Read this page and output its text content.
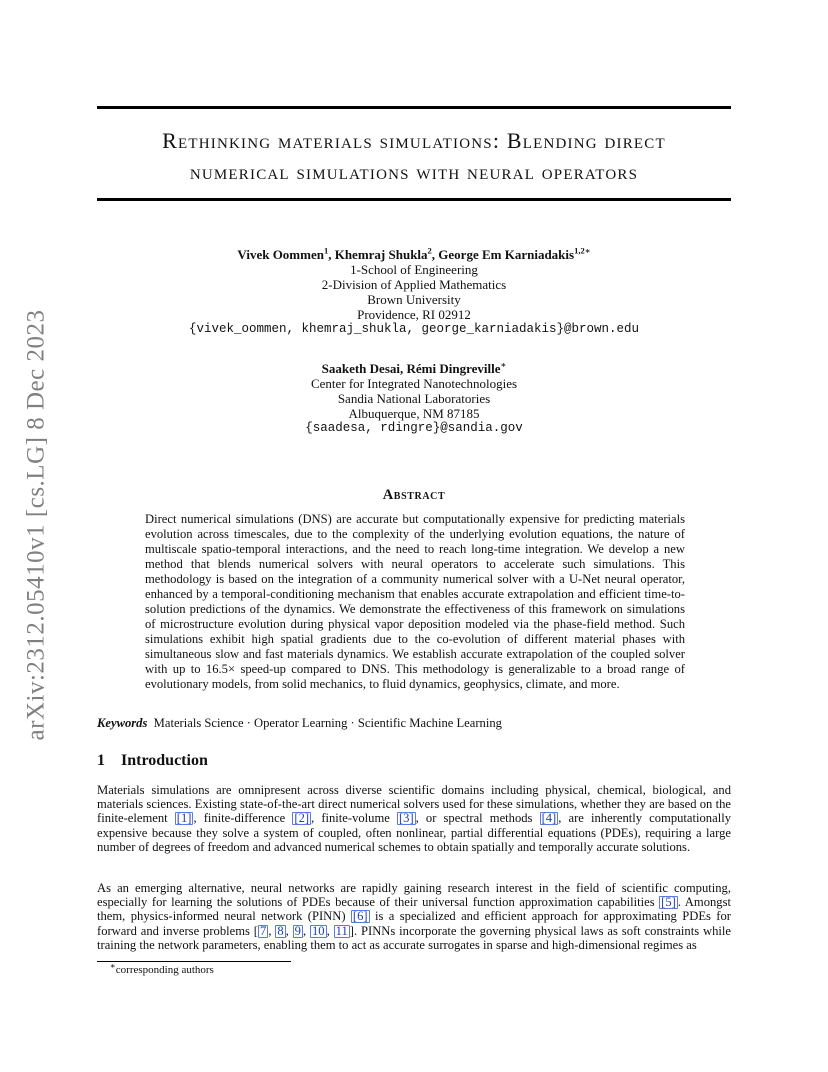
arXiv:2312.05410v1 [cs.LG] 8 Dec 2023
Rethinking materials simulations: Blending direct
numerical simulations with neural operators
Vivek Oommen$^1$, Khemraj Shukla$^2$, George Em Karniadakis$^{1,2∗}$
1-School of Engineering
2-Division of Applied Mathematics
Brown University
Providence, RI 02912
{vivek_oommen, khemraj_shukla, george_karniadakis}@brown.edu
Saaketh Desai, Rémi Dingreville∗
Center for Integrated Nanotechnologies
Sandia National Laboratories
Albuquerque, NM 87185
{saadesa, rdingre}@sandia.gov
Abstract
Direct numerical simulations (DNS) are accurate but computationally expensive for predicting materials evolution across timescales, due to the complexity of the underlying evolution equations, the nature of multiscale spatio-temporal interactions, and the need to reach long-time integration. We develop a new method that blends numerical solvers with neural operators to accelerate such simulations. This methodology is based on the integration of a community numerical solver with a U-Net neural operator, enhanced by a temporal-conditioning mechanism that enables accurate extrapolation and efficient time-to-solution predictions of the dynamics. We demonstrate the effectiveness of this framework on simulations of microstructure evolution during physical vapor deposition modeled via the phase-field method. Such simulations exhibit high spatial gradients due to the co-evolution of different material phases with simultaneous slow and fast materials dynamics. We establish accurate extrapolation of the coupled solver with up to 16.5× speed-up compared to DNS. This methodology is generalizable to a broad range of evolutionary models, from solid mechanics, to fluid dynamics, geophysics, climate, and more.
Keywords Materials Science · Operator Learning · Scientific Machine Learning
1 Introduction
Materials simulations are omnipresent across diverse scientific domains including physical, chemical, biological, and materials sciences. Existing state-of-the-art direct numerical solvers used for these simulations, whether they are based on the finite-element [1] , finite-difference [2] , finite-volume [3] , or spectral methods [4] , are inherently computationally expensive because they solve a system of coupled, often nonlinear, partial differential equations (PDEs), requiring a large number of degrees of freedom and advanced numerical schemes to obtain spatially and temporally accurate solutions.
As an emerging alternative, neural networks are rapidly gaining research interest in the field of scientific computing, especially for learning the solutions of PDEs because of their universal function approximation capabilities [5] . Amongst them, physics-informed neural network (PINN) [6] is a specialized and efficient approach for approximating PDEs for forward and inverse problems [ 7 , 8 , 9 , 10 , 11 ]. PINNs incorporate the governing physical laws as soft constraints while training the network parameters, enabling them to act as accurate surrogates in sparse and high-dimensional regimes as
∗corresponding authors
